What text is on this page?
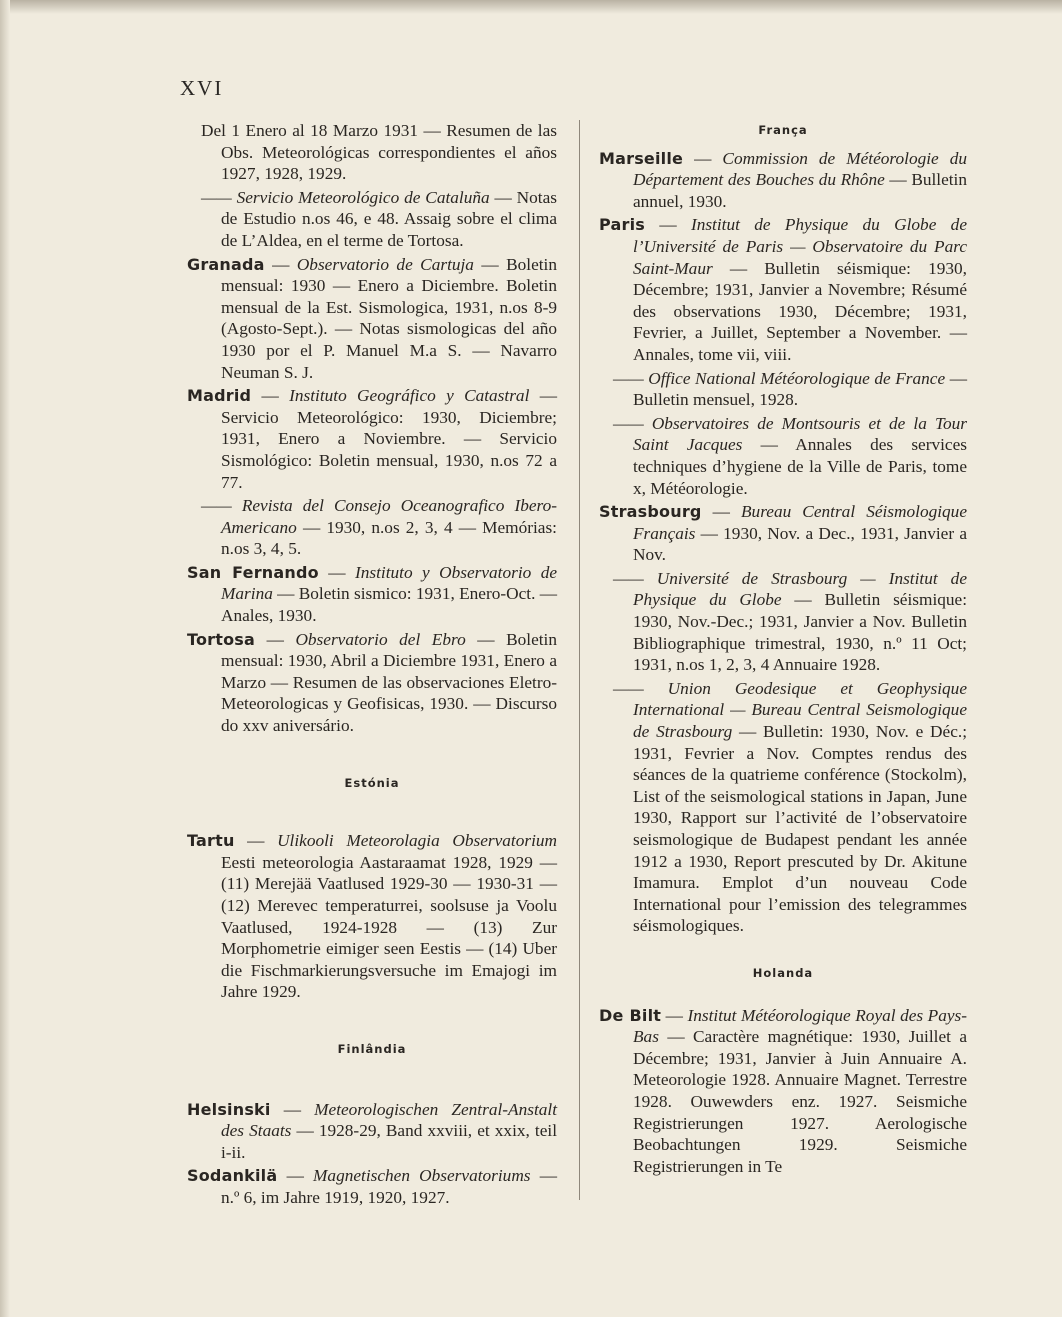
XVI

Del 1 Enero al 18 Marzo 1931 — Resumen de las Obs. Meteorológicas correspondientes el años 1927, 1928, 1929.

—— Servicio Meteorológico de Cataluña — Notas de Estudio n.os 46, e 48. Assaig sobre el clima de L’Aldea, en el terme de Tortosa.

Granada — Observatorio de Cartuja — Boletin mensual: 1930 — Enero a Diciembre. Boletin mensual de la Est. Sismologica, 1931, n.os 8-9 (Agosto-Sept.). — Notas sismologicas del año 1930 por el P. Manuel M.a S. — Navarro Neuman S. J.

Madrid — Instituto Geográfico y Catastral — Servicio Meteorológico: 1930, Diciembre; 1931, Enero a Noviembre. — Servicio Sismológico: Boletin mensual, 1930, n.os 72 a 77.

—— Revista del Consejo Oceanografico Ibero-Americano — 1930, n.os 2, 3, 4 — Memórias: n.os 3, 4, 5.

San Fernando — Instituto y Observatorio de Marina — Boletin sismico: 1931, Enero-Oct. — Anales, 1930.

Tortosa — Observatorio del Ebro — Boletin mensual: 1930, Abril a Diciembre 1931, Enero a Marzo — Resumen de las observaciones Eletro-Meteorologicas y Geofisicas, 1930. — Discurso do xxv aniversário.

Estónia

Tartu — Ulikooli Meteorolagia Observatorium Eesti meteorologia Aastaraamat 1928, 1929 — (11) Merejää Vaatlused 1929-30 — 1930-31 — (12) Merevec temperaturrei, soolsuse ja Voolu Vaatlused, 1924-1928 — (13) Zur Morphometrie eimiger seen Eestis — (14) Uber die Fischmarkierungsversuche im Emajogi im Jahre 1929.

Finlândia

Helsinski — Meteorologischen Zentral-Anstalt des Staats — 1928-29, Band xxviii, et xxix, teil i-ii.

Sodankilä — Magnetischen Observatoriums — n.º 6, im Jahre 1919, 1920, 1927.

França

Marseille — Commission de Météorologie du Département des Bouches du Rhône — Bulletin annuel, 1930.

Paris — Institut de Physique du Globe de l’Université de Paris — Observatoire du Parc Saint-Maur — Bulletin séismique: 1930, Décembre; 1931, Janvier a Novembre; Résumé des observations 1930, Décembre; 1931, Fevrier, a Juillet, September a November. — Annales, tome vii, viii.

—— Office National Météorologique de France — Bulletin mensuel, 1928.

—— Observatoires de Montsouris et de la Tour Saint Jacques — Annales des services techniques d’hygiene de la Ville de Paris, tome x, Météorologie.

Strasbourg — Bureau Central Séismologique Français — 1930, Nov. a Dec., 1931, Janvier a Nov.

—— Université de Strasbourg — Institut de Physique du Globe — Bulletin séismique: 1930, Nov.-Dec.; 1931, Janvier a Nov. Bulletin Bibliographique trimestral, 1930, n.º 11 Oct; 1931, n.os 1, 2, 3, 4 Annuaire 1928.

—— Union Geodesique et Geophysique International — Bureau Central Seismologique de Strasbourg — Bulletin: 1930, Nov. e Déc.; 1931, Fevrier a Nov. Comptes rendus des séances de la quatrieme conférence (Stockolm), List of the seismological stations in Japan, June 1930, Rapport sur l’activité de l’observatoire seismologique de Budapest pendant les année 1912 a 1930, Report prescuted by Dr. Akitune Imamura. Emplot d’un nouveau Code International pour l’emission des telegrammes séismologiques.

Holanda

De Bilt — Institut Météorologique Royal des Pays-Bas — Caractère magnétique: 1930, Juillet a Décembre; 1931, Janvier à Juin Annuaire A. Meteorologie 1928. Annuaire Magnet. Terrestre 1928. Ouwewders enz. 1927. Seismiche Registrierungen 1927. Aerologische Beobachtungen 1929. Seismiche Registrierungen in Te
